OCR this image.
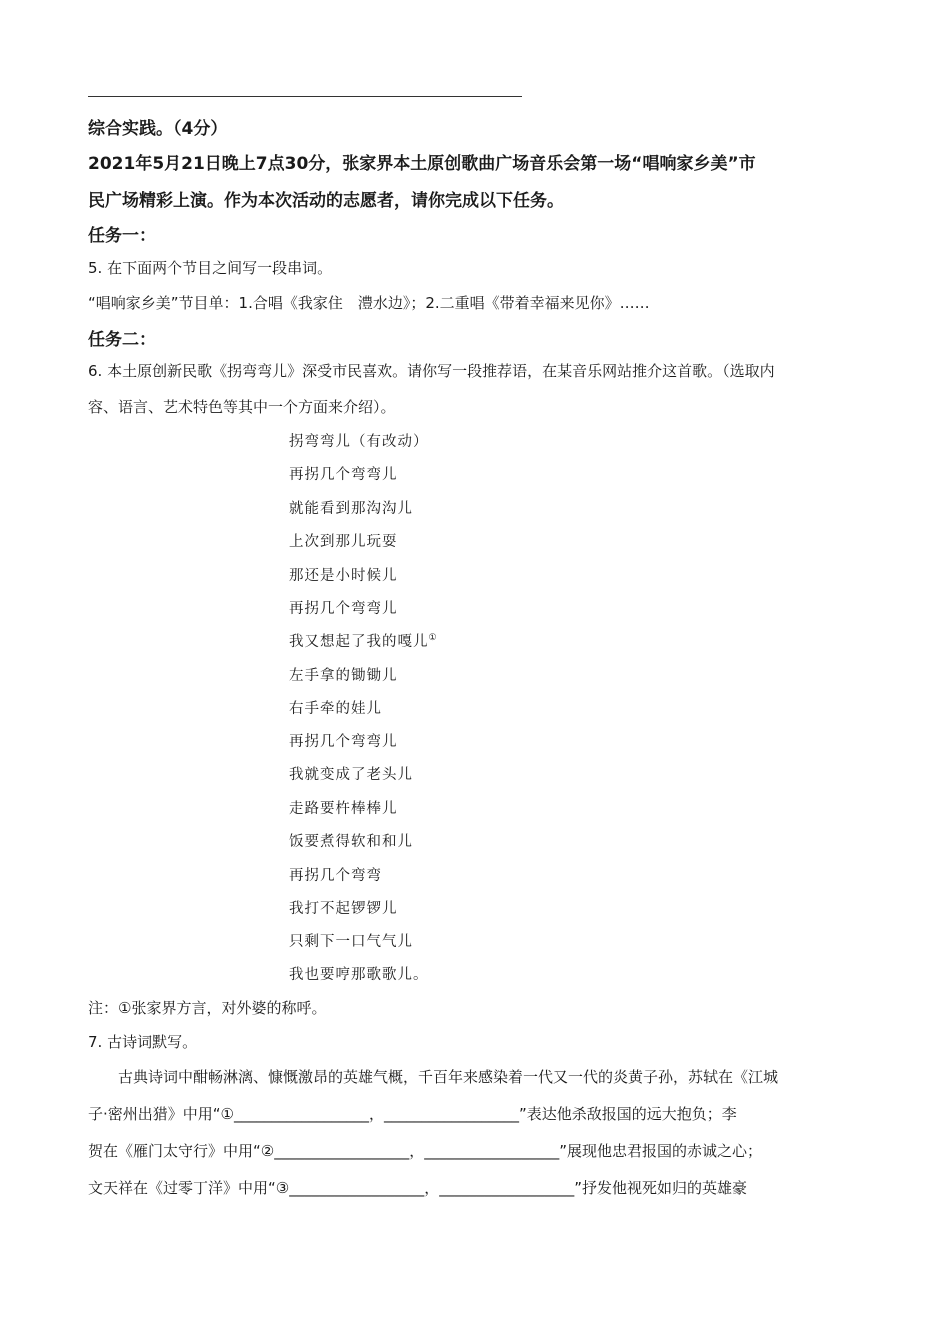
综合实践。（4分）
2021年5月21日晚上7点30分，张家界本土原创歌曲广场音乐会第一场“唱响家乡美”市
民广场精彩上演。作为本次活动的志愿者，请你完成以下任务。
任务一：
5. 在下面两个节目之间写一段串词。
“唱响家乡美”节目单：1.合唱《我家住　澧水边》；2.二重唱《带着幸福来见你》……
任务二：
6. 本土原创新民歌《拐弯弯儿》深受市民喜欢。请你写一段推荐语，在某音乐网站推介这首歌。（选取内
容、语言、艺术特色等其中一个方面来介绍）。
拐弯弯儿（有改动）
再拐几个弯弯儿
就能看到那沟沟儿
上次到那儿玩耍
那还是小时候儿
再拐几个弯弯儿
我又想起了我的嘎儿①
左手拿的锄锄儿
右手牵的娃儿
再拐几个弯弯儿
我就变成了老头儿
走路要杵棒棒儿
饭要煮得软和和儿
再拐几个弯弯
我打不起锣锣儿
只剩下一口气气儿
我也要哼那歌歌儿。
注：①张家界方言，对外婆的称呼。
7. 古诗词默写。
古典诗词中酣畅淋漓、慷慨激昂的英雄气概，千百年来感染着一代又一代的炎黄子孙，苏轼在《江城
子·密州出猎》中用“①__________________，__________________”表达他杀敌报国的远大抱负；李
贺在《雁门太守行》中用“②__________________，__________________”展现他忠君报国的赤诚之心；
文天祥在《过零丁洋》中用“③__________________，__________________”抒发他视死如归的英雄豪
